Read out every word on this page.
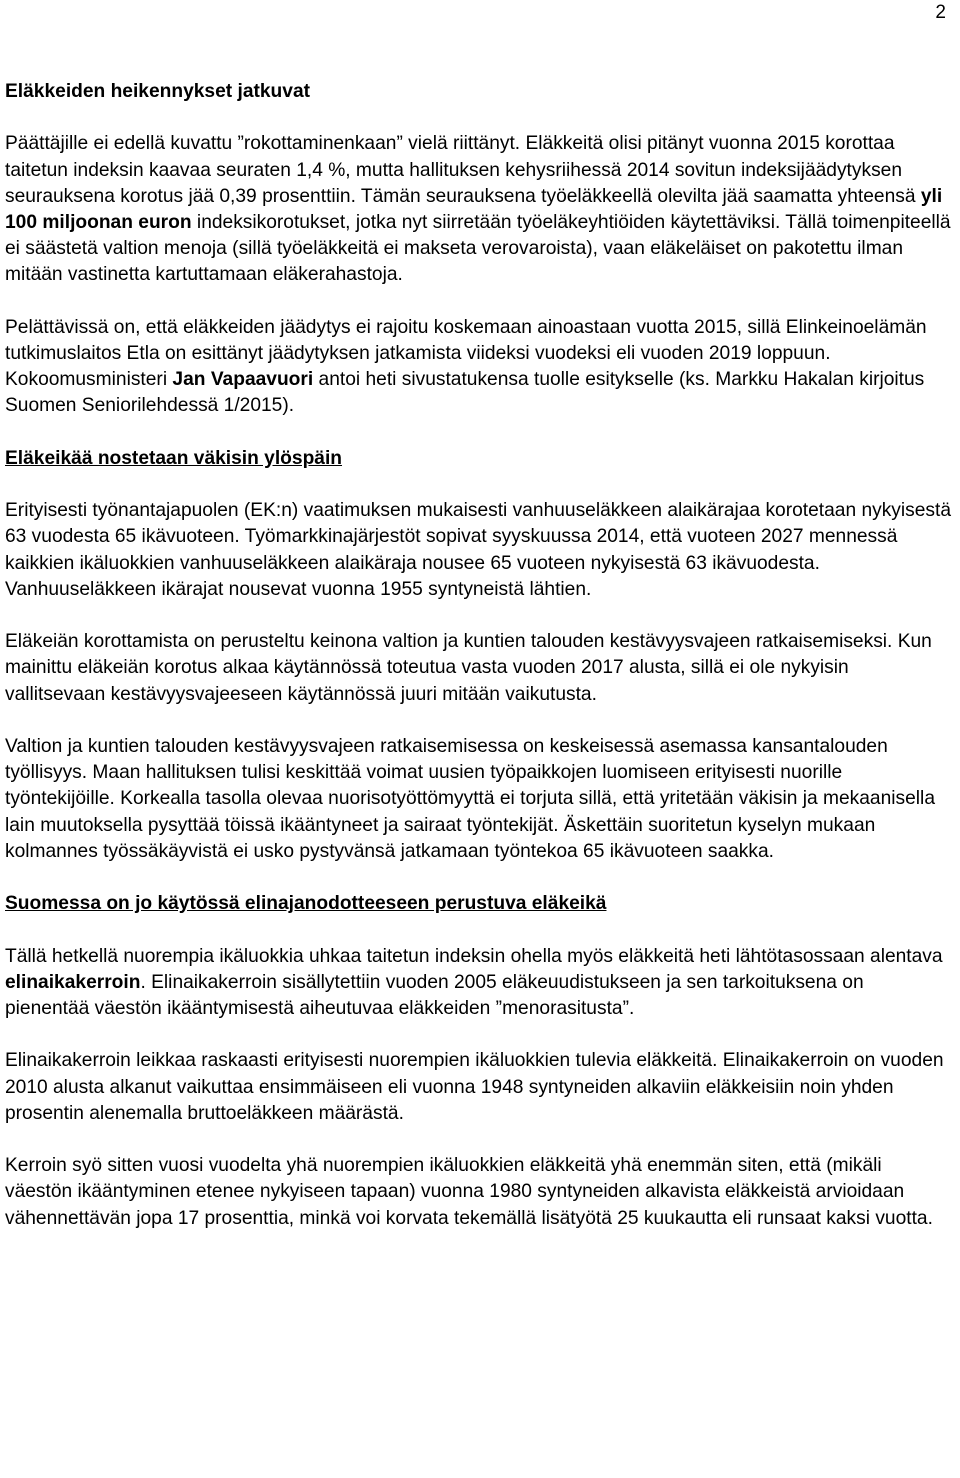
2
Eläkkeiden heikennykset jatkuvat

Päättäjille ei edellä kuvattu ”rokottaminenkaan” vielä riittänyt. Eläkkeitä olisi pitänyt vuonna 2015 korottaa taitetun indeksin kaavaa seuraten 1,4 %, mutta hallituksen kehysriihessä 2014 sovitun indeksijäädytyksen seurauksena korotus jää 0,39 prosenttiin. Tämän seurauksena työeläkkeellä olevilta jää saamatta yhteensä yli 100 miljoonan euron indeksikorotukset, jotka nyt siirretään työeläkeyhtiöiden käytettäviksi. Tällä toimenpiteellä ei säästetä valtion menoja (sillä työeläkkeitä ei makseta verovaroista), vaan eläkeläiset on pakotettu ilman mitään vastinetta kartuttamaan eläkerahastoja.

Pelättävissä on, että eläkkeiden jäädytys ei rajoitu koskemaan ainoastaan vuotta 2015, sillä Elinkeinoelämän tutkimuslaitos Etla on esittänyt jäädytyksen jatkamista viideksi vuodeksi eli vuoden 2019 loppuun. Kokoomusministeri Jan Vapaavuori antoi heti sivustatukensa tuolle esitykselle (ks. Markku Hakalan kirjoitus Suomen Seniorilehdessä 1/2015).

Eläkeikää nostetaan väkisin ylöspäin

Erityisesti työnantajapuolen (EK:n) vaatimuksen mukaisesti vanhuuseläkkeen alaikärajaa korotetaan nykyisestä 63 vuodesta 65 ikävuoteen. Työmarkkinajärjestöt sopivat syyskuussa 2014, että vuoteen 2027 mennessä kaikkien ikäluokkien vanhuuseläkkeen alaikäraja nousee 65 vuoteen nykyisestä 63 ikävuodesta. Vanhuuseläkkeen ikärajat nousevat vuonna 1955 syntyneistä lähtien.

Eläkeiän korottamista on perusteltu keinona valtion ja kuntien talouden kestävyysvajeen ratkaisemiseksi. Kun mainittu eläkeiän korotus alkaa käytännössä toteutua vasta vuoden 2017 alusta, sillä ei ole nykyisin vallitsevaan kestävyysvajeeseen käytännössä juuri mitään vaikutusta.

Valtion ja kuntien talouden kestävyysvajeen ratkaisemisessa on keskeisessä asemassa kansantalouden työllisyys. Maan hallituksen tulisi keskittää voimat uusien työpaikkojen luomiseen erityisesti nuorille työntekijöille. Korkealla tasolla olevaa nuorisotyöttömyyttä ei torjuta sillä, että yritetään väkisin ja mekaanisella lain muutoksella pysyttää töissä ikääntyneet ja sairaat työntekijät. Äskettäin suoritetun kyselyn mukaan kolmannes työssäkäyvistä ei usko pystyvänsä jatkamaan työntekoa 65 ikävuoteen saakka.

Suomessa on jo käytössä elinajanodotteeseen perustuva eläkeikä

Tällä hetkellä nuorempia ikäluokkia uhkaa taitetun indeksin ohella myös eläkkeitä heti lähtötasossaan alentava elinaikakerroin. Elinaikakerroin sisällytettiin vuoden 2005 eläkeuudistukseen ja sen tarkoituksena on pienentää väestön ikääntymisestä aiheutuvaa eläkkeiden ”menorasitusta”.

Elinaikakerroin leikkaa raskaasti erityisesti nuorempien ikäluokkien tulevia eläkkeitä. Elinaikakerroin on vuoden 2010 alusta alkanut vaikuttaa ensimmäiseen eli vuonna 1948 syntyneiden alkaviin eläkkeisiin noin yhden prosentin alenemalla bruttoeläkkeen määrästä.

Kerroin syö sitten vuosi vuodelta yhä nuorempien ikäluokkien eläkkeitä yhä enemmän siten, että (mikäli väestön ikääntyminen etenee nykyiseen tapaan) vuonna 1980 syntyneiden alkavista eläkkeistä arvioidaan vähennettävän jopa 17 prosenttia, minkä voi korvata tekemällä lisätyötä 25 kuukautta eli runsaat kaksi vuotta.
